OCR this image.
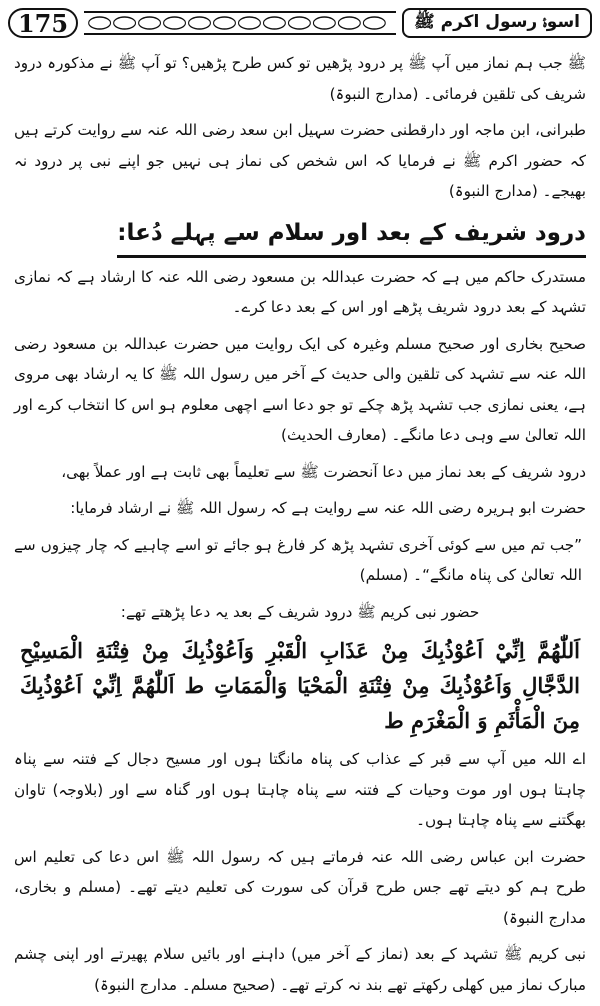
175	اسوۂ رسول اکرم ﷺ

ﷺ جب ہم نماز میں آپ ﷺ پر درود پڑھیں تو کس طرح پڑھیں؟ تو آپ ﷺ نے مذکورہ درود شریف کی تلقین فرمائی۔ (مدارج النبوۃ)

طبرانی، ابن ماجہ اور دارقطنی حضرت سہیل ابن سعد رضی اللہ عنہ سے روایت کرتے ہیں کہ حضور اکرم ﷺ نے فرمایا کہ اس شخص کی نماز ہی نہیں جو اپنے نبی پر درود نہ بھیجے۔ (مدارج النبوۃ)

درود شریف کے بعد اور سلام سے پہلے دُعا:

مستدرک حاکم میں ہے کہ حضرت عبداللہ بن مسعود رضی اللہ عنہ کا ارشاد ہے کہ نمازی تشہد کے بعد درود شریف پڑھے اور اس کے بعد دعا کرے۔

صحیح بخاری اور صحیح مسلم وغیرہ کی ایک روایت میں حضرت عبداللہ بن مسعود رضی اللہ عنہ سے تشہد کی تلقین والی حدیث کے آخر میں رسول اللہ ﷺ کا یہ ارشاد بھی مروی ہے، یعنی نمازی جب تشہد پڑھ چکے تو جو دعا اسے اچھی معلوم ہو اس کا انتخاب کرے اور اللہ تعالیٰ سے وہی دعا مانگے۔ (معارف الحدیث)

درود شریف کے بعد نماز میں دعا آنحضرت ﷺ سے تعلیماً بھی ثابت ہے اور عملاً بھی،

حضرت ابو ہریرہ رضی اللہ عنہ سے روایت ہے کہ رسول اللہ ﷺ نے ارشاد فرمایا:

”جب تم میں سے کوئی آخری تشہد پڑھ کر فارغ ہو جائے تو اسے چاہیے کہ چار چیزوں سے اللہ تعالیٰ کی پناہ مانگے“۔ (مسلم)

حضور نبی کریم ﷺ درود شریف کے بعد یہ دعا پڑھتے تھے:

اَللّٰهُمَّ اِنِّيْ اَعُوْذُبِكَ مِنْ عَذَابِ الْقَبْرِ وَاَعُوْذُبِكَ مِنْ فِتْنَةِ الْمَسِيْحِ الدَّجَّالِ وَاَعُوْذُبِكَ مِنْ فِتْنَةِ الْمَحْيَا وَالْمَمَاتِ ط اَللّٰهُمَّ اِنِّيْ اَعُوْذُبِكَ مِنَ الْمَأْثَمِ وَ الْمَغْرَمِ ط

اے اللہ میں آپ سے قبر کے عذاب کی پناہ مانگتا ہوں اور مسیح دجال کے فتنہ سے پناہ چاہتا ہوں اور موت وحیات کے فتنہ سے پناہ چاہتا ہوں اور گناہ سے اور (بلاوجہ) تاوان بھگتنے سے پناہ چاہتا ہوں۔

حضرت ابن عباس رضی اللہ عنہ فرماتے ہیں کہ رسول اللہ ﷺ اس دعا کی تعلیم اس طرح ہم کو دیتے تھے جس طرح قرآن کی سورت کی تعلیم دیتے تھے۔ (مسلم و بخاری، مدارج النبوۃ)

نبی کریم ﷺ تشہد کے بعد (نماز کے آخر میں) داہنے اور بائیں سلام پھیرتے اور اپنی چشم مبارک نماز میں کھلی رکھتے تھے بند نہ کرتے تھے۔ (صحیح مسلم۔ مدارج النبوۃ)
